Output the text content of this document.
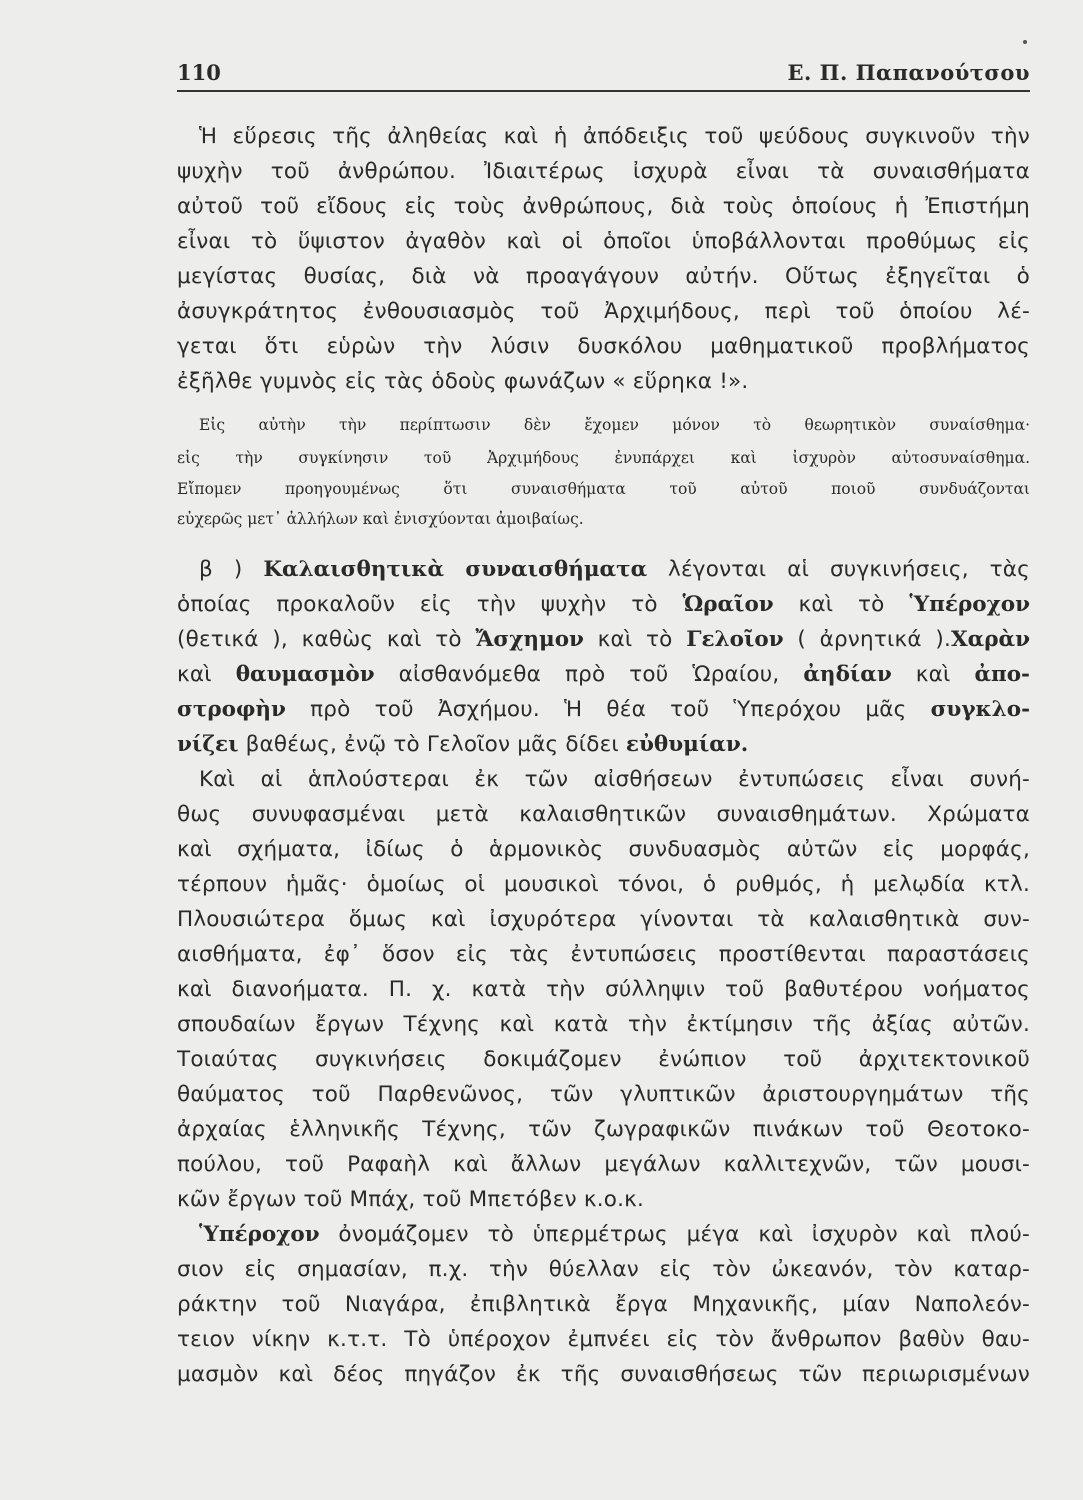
110	Ε. Π. Παπανούτσου
Ἡ εὕρεσις τῆς ἀληθείας καὶ ἡ ἀπόδειξις τοῦ ψεύδους συγκινοῦν τὴν
ψυχὴν τοῦ ἀνθρώπου. Ἰδιαιτέρως ἰσχυρὰ εἶναι τὰ συναισθήματα
αὐτοῦ τοῦ εἴδους εἰς τοὺς ἀνθρώπους, διὰ τοὺς ὁποίους ἡ Ἐπιστήμη
εἶναι τὸ ὕψιστον ἀγαθὸν καὶ οἱ ὁποῖοι ὑποβάλλονται προθύμως εἰς
μεγίστας θυσίας, διὰ νὰ προαγάγουν αὐτήν. Οὕτως ἐξηγεῖται ὁ
ἀσυγκράτητος ἐνθουσιασμὸς τοῦ Ἀρχιμήδους, περὶ τοῦ ὁποίου λέ-
γεται ὅτι εὑρὼν τὴν λύσιν δυσκόλου μαθηματικοῦ προβλήματος
ἐξῆλθε γυμνὸς εἰς τὰς ὁδοὺς φωνάζων « εὕρηκα !».
Εἰς αὐτὴν τὴν περίπτωσιν δὲν ἔχομεν μόνον τὸ θεωρητικὸν συναίσθημα·
εἰς τὴν συγκίνησιν τοῦ Ἀρχιμήδους ἐνυπάρχει καὶ ἰσχυρὸν αὐτοσυναίσθημα.
Εἴπομεν προηγουμένως ὅτι συναισθήματα τοῦ αὐτοῦ ποιοῦ συνδυάζονται
εὐχερῶς μετ᾽ ἀλλήλων καὶ ἐνισχύονται ἀμοιβαίως.
β ) Καλαισθητικὰ συναισθήματα λέγονται αἱ συγκινήσεις, τὰς
ὁποίας προκαλοῦν εἰς τὴν ψυχὴν τὸ Ὡραῖον καὶ τὸ Ὑπέροχον
(θετικά ), καθὼς καὶ τὸ Ἄσχημον καὶ τὸ Γελοῖον ( ἀρνητικά ).Χαρὰν
καὶ θαυμασμὸν αἰσθανόμεθα πρὸ τοῦ Ὡραίου, ἀηδίαν καὶ ἀπο-
στροφὴν πρὸ τοῦ Ἀσχήμου. Ἡ θέα τοῦ Ὑπερόχου μᾶς συγκλο-
νίζει βαθέως, ἐνῷ τὸ Γελοῖον μᾶς δίδει εὐθυμίαν.
Καὶ αἱ ἁπλούστεραι ἐκ τῶν αἰσθήσεων ἐντυπώσεις εἶναι συνή-
θως συνυφασμέναι μετὰ καλαισθητικῶν συναισθημάτων. Χρώματα
καὶ σχήματα, ἰδίως ὁ ἁρμονικὸς συνδυασμὸς αὐτῶν εἰς μορφάς,
τέρπουν ἡμᾶς· ὁμοίως οἱ μουσικοὶ τόνοι, ὁ ρυθμός, ἡ μελῳδία κτλ.
Πλουσιώτερα ὅμως καὶ ἰσχυρότερα γίνονται τὰ καλαισθητικὰ συν-
αισθήματα, ἐφ᾽ ὅσον εἰς τὰς ἐντυπώσεις προστίθενται παραστάσεις
καὶ διανοήματα. Π. χ. κατὰ τὴν σύλληψιν τοῦ βαθυτέρου νοήματος
σπουδαίων ἔργων Τέχνης καὶ κατὰ τὴν ἐκτίμησιν τῆς ἀξίας αὐτῶν.
Τοιαύτας συγκινήσεις δοκιμάζομεν ἐνώπιον τοῦ ἀρχιτεκτονικοῦ
θαύματος τοῦ Παρθενῶνος, τῶν γλυπτικῶν ἀριστουργημάτων τῆς
ἀρχαίας ἑλληνικῆς Τέχνης, τῶν ζωγραφικῶν πινάκων τοῦ Θεοτοκο-
πούλου, τοῦ Ραφαὴλ καὶ ἄλλων μεγάλων καλλιτεχνῶν, τῶν μουσι-
κῶν ἔργων τοῦ Μπάχ, τοῦ Μπετόβεν κ.ο.κ.
Ὑπέροχον ὀνομάζομεν τὸ ὑπερμέτρως μέγα καὶ ἰσχυρὸν καὶ πλού-
σιον εἰς σημασίαν, π.χ. τὴν θύελλαν εἰς τὸν ὠκεανόν, τὸν καταρ-
ράκτην τοῦ Νιαγάρα, ἐπιβλητικὰ ἔργα Μηχανικῆς, μίαν Ναπολεόν-
τειον νίκην κ.τ.τ. Τὸ ὑπέροχον ἐμπνέει εἰς τὸν ἄνθρωπον βαθὺν θαυ-
μασμὸν καὶ δέος πηγάζον ἐκ τῆς συναισθήσεως τῶν περιωρισμένων
